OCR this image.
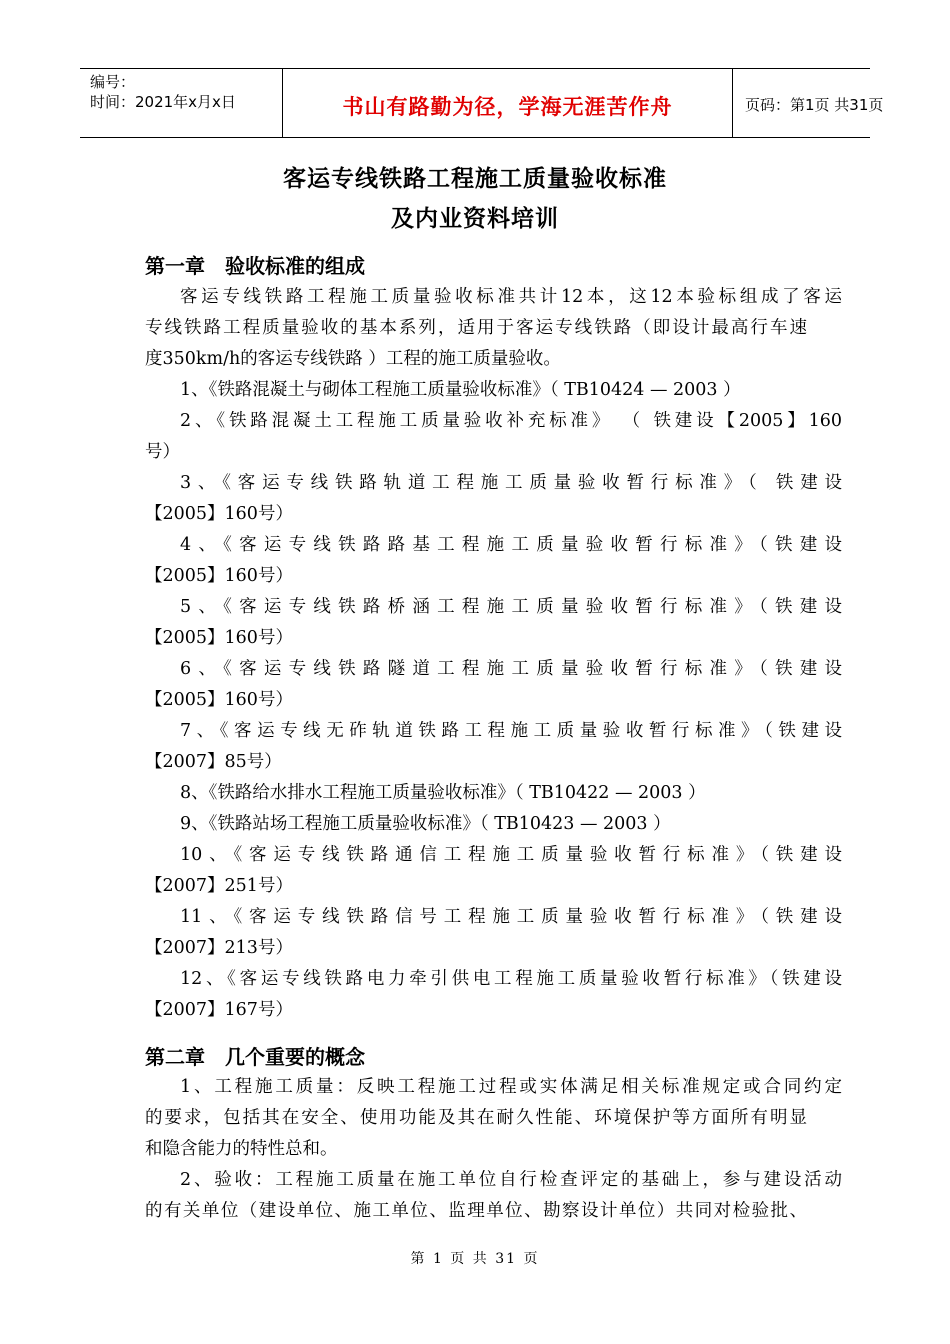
编号：
时间：2021年x月x日	书山有路勤为径，学海无涯苦作舟	页码：第1页 共31页
客运专线铁路工程施工质量验收标准
及内业资料培训
第一章 验收标准的组成
客运专线铁路工程施工质量验收标准共计12本，这12本验标组成了客运
专线铁路工程质量验收的基本系列，适用于客运专线铁路（即设计最高行车速
度350km/h的客运专线铁路 ）工程的施工质量验收。
1、《铁路混凝土与砌体工程施工质量验收标准》（ TB10424 — 2003 ）
2、《铁路混凝土工程施工质量验收补充标准》 （ 铁建设【2005】160
号）
3、《客运专线铁路轨道工程施工质量验收暂行标准》（ 铁建设
【2005】160号）
4、《客运专线铁路路基工程施工质量验收暂行标准》（铁建设
【2005】160号）
5、《客运专线铁路桥涵工程施工质量验收暂行标准》（铁建设
【2005】160号）
6、《客运专线铁路隧道工程施工质量验收暂行标准》（铁建设
【2005】160号）
7、《客运专线无砟轨道铁路工程施工质量验收暂行标准》（铁建设
【2007】85号）
8、《铁路给水排水工程施工质量验收标准》（ TB10422 — 2003 ）
9、《铁路站场工程施工质量验收标准》（ TB10423 — 2003 ）
10、《客运专线铁路通信工程施工质量验收暂行标准》（铁建设
【2007】251号）
11、《客运专线铁路信号工程施工质量验收暂行标准》（铁建设
【2007】213号）
12、《客运专线铁路电力牵引供电工程施工质量验收暂行标准》（铁建设
【2007】167号）
第二章 几个重要的概念
1、工程施工质量：反映工程施工过程或实体满足相关标准规定或合同约定
的要求，包括其在安全、使用功能及其在耐久性能、环境保护等方面所有明显
和隐含能力的特性总和。
2、验收：工程施工质量在施工单位自行检查评定的基础上，参与建设活动
的有关单位（建设单位、施工单位、监理单位、勘察设计单位）共同对检验批、
第 1 页 共 31 页
